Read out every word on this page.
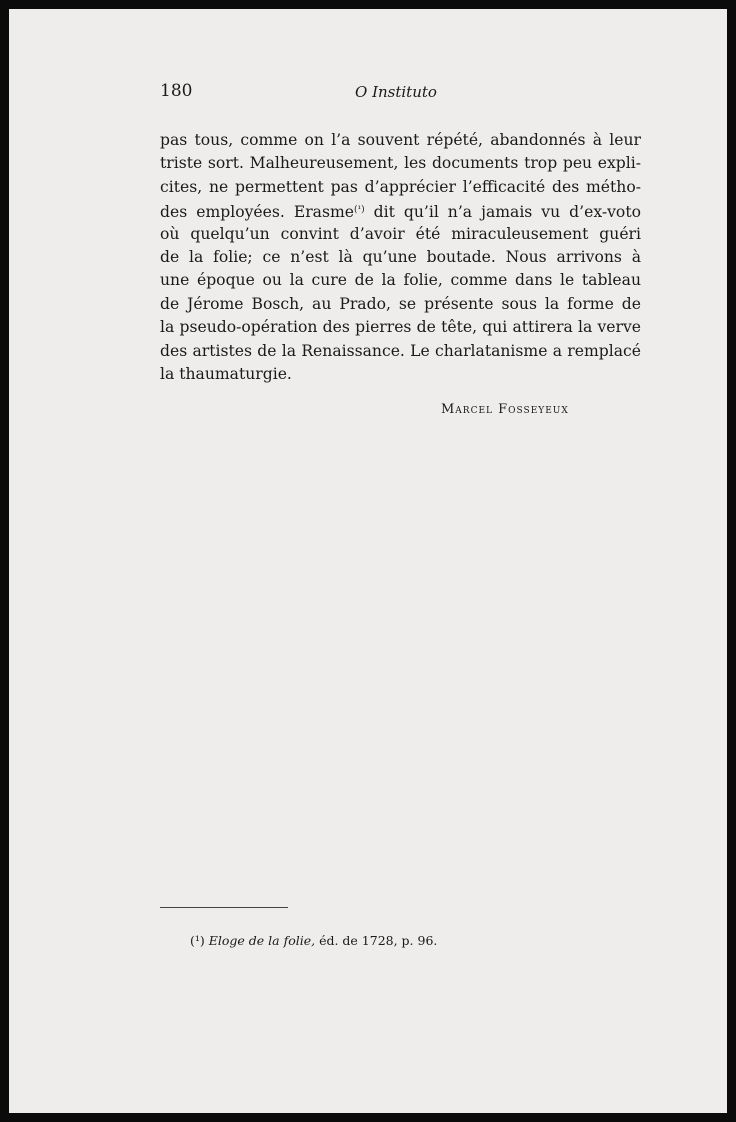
180	O Instituto
pas tous, comme on l’a souvent répété, abandonnés à leur
triste sort. Malheureusement, les documents trop peu expli-
cites, ne permettent pas d’apprécier l’efficacité des métho-
des employées. Erasme$^{(^1)}$ dit qu’il n’a jamais vu d’ex-voto
où quelqu’un convint d’avoir été miraculeusement guéri
de la folie; ce n’est là qu’une boutade. Nous arrivons à
une époque ou la cure de la folie, comme dans le tableau
de Jérome Bosch, au Prado, se présente sous la forme de
la pseudo-opération des pierres de tête, qui attirera la verve
des artistes de la Renaissance. Le charlatanisme a remplacé
la thaumaturgie.
Marcel Fosseyeux
(¹) Eloge de la folie, éd. de 1728, p. 96.
